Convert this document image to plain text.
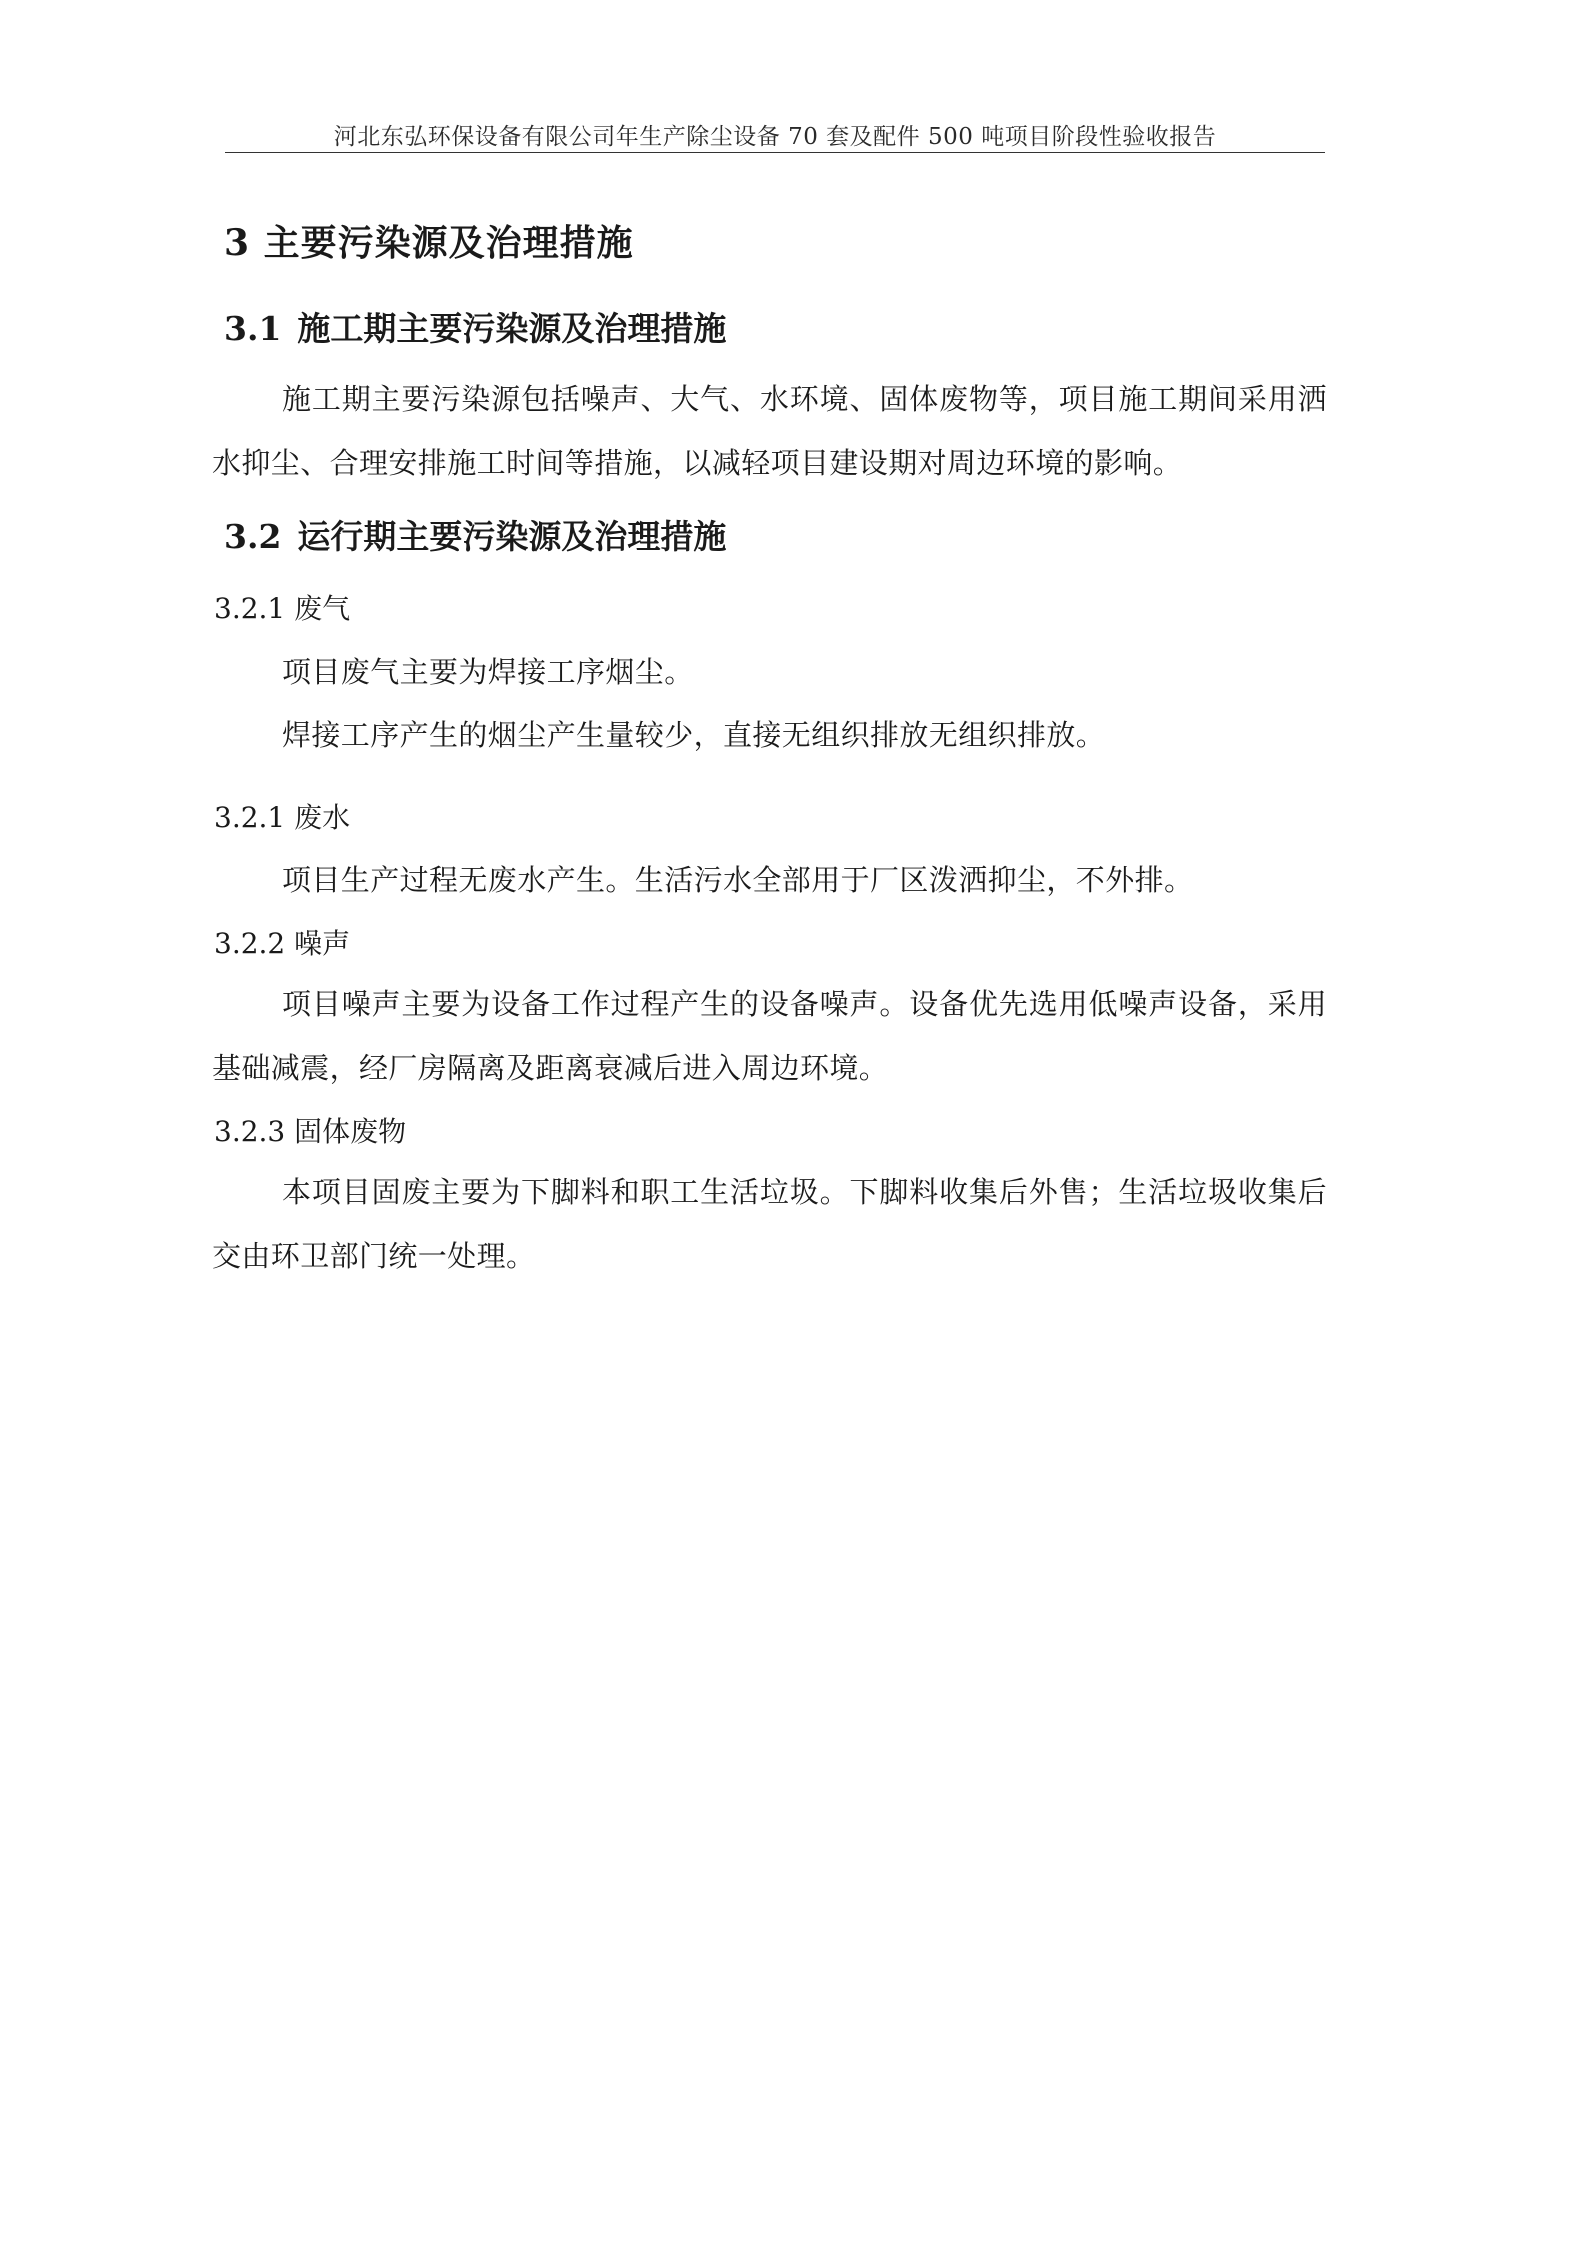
河北东弘环保设备有限公司年生产除尘设备 70 套及配件 500 吨项目阶段性验收报告
3 主要污染源及治理措施
3.1 施工期主要污染源及治理措施
施工期主要污染源包括噪声、大气、水环境、固体废物等，项目施工期间采用洒水抑尘、合理安排施工时间等措施，以减轻项目建设期对周边环境的影响。
3.2 运行期主要污染源及治理措施
3.2.1 废气
项目废气主要为焊接工序烟尘。
焊接工序产生的烟尘产生量较少，直接无组织排放无组织排放。
3.2.1 废水
项目生产过程无废水产生。生活污水全部用于厂区泼洒抑尘，不外排。
3.2.2 噪声
项目噪声主要为设备工作过程产生的设备噪声。设备优先选用低噪声设备，采用基础减震，经厂房隔离及距离衰减后进入周边环境。
3.2.3 固体废物
本项目固废主要为下脚料和职工生活垃圾。下脚料收集后外售；生活垃圾收集后交由环卫部门统一处理。
